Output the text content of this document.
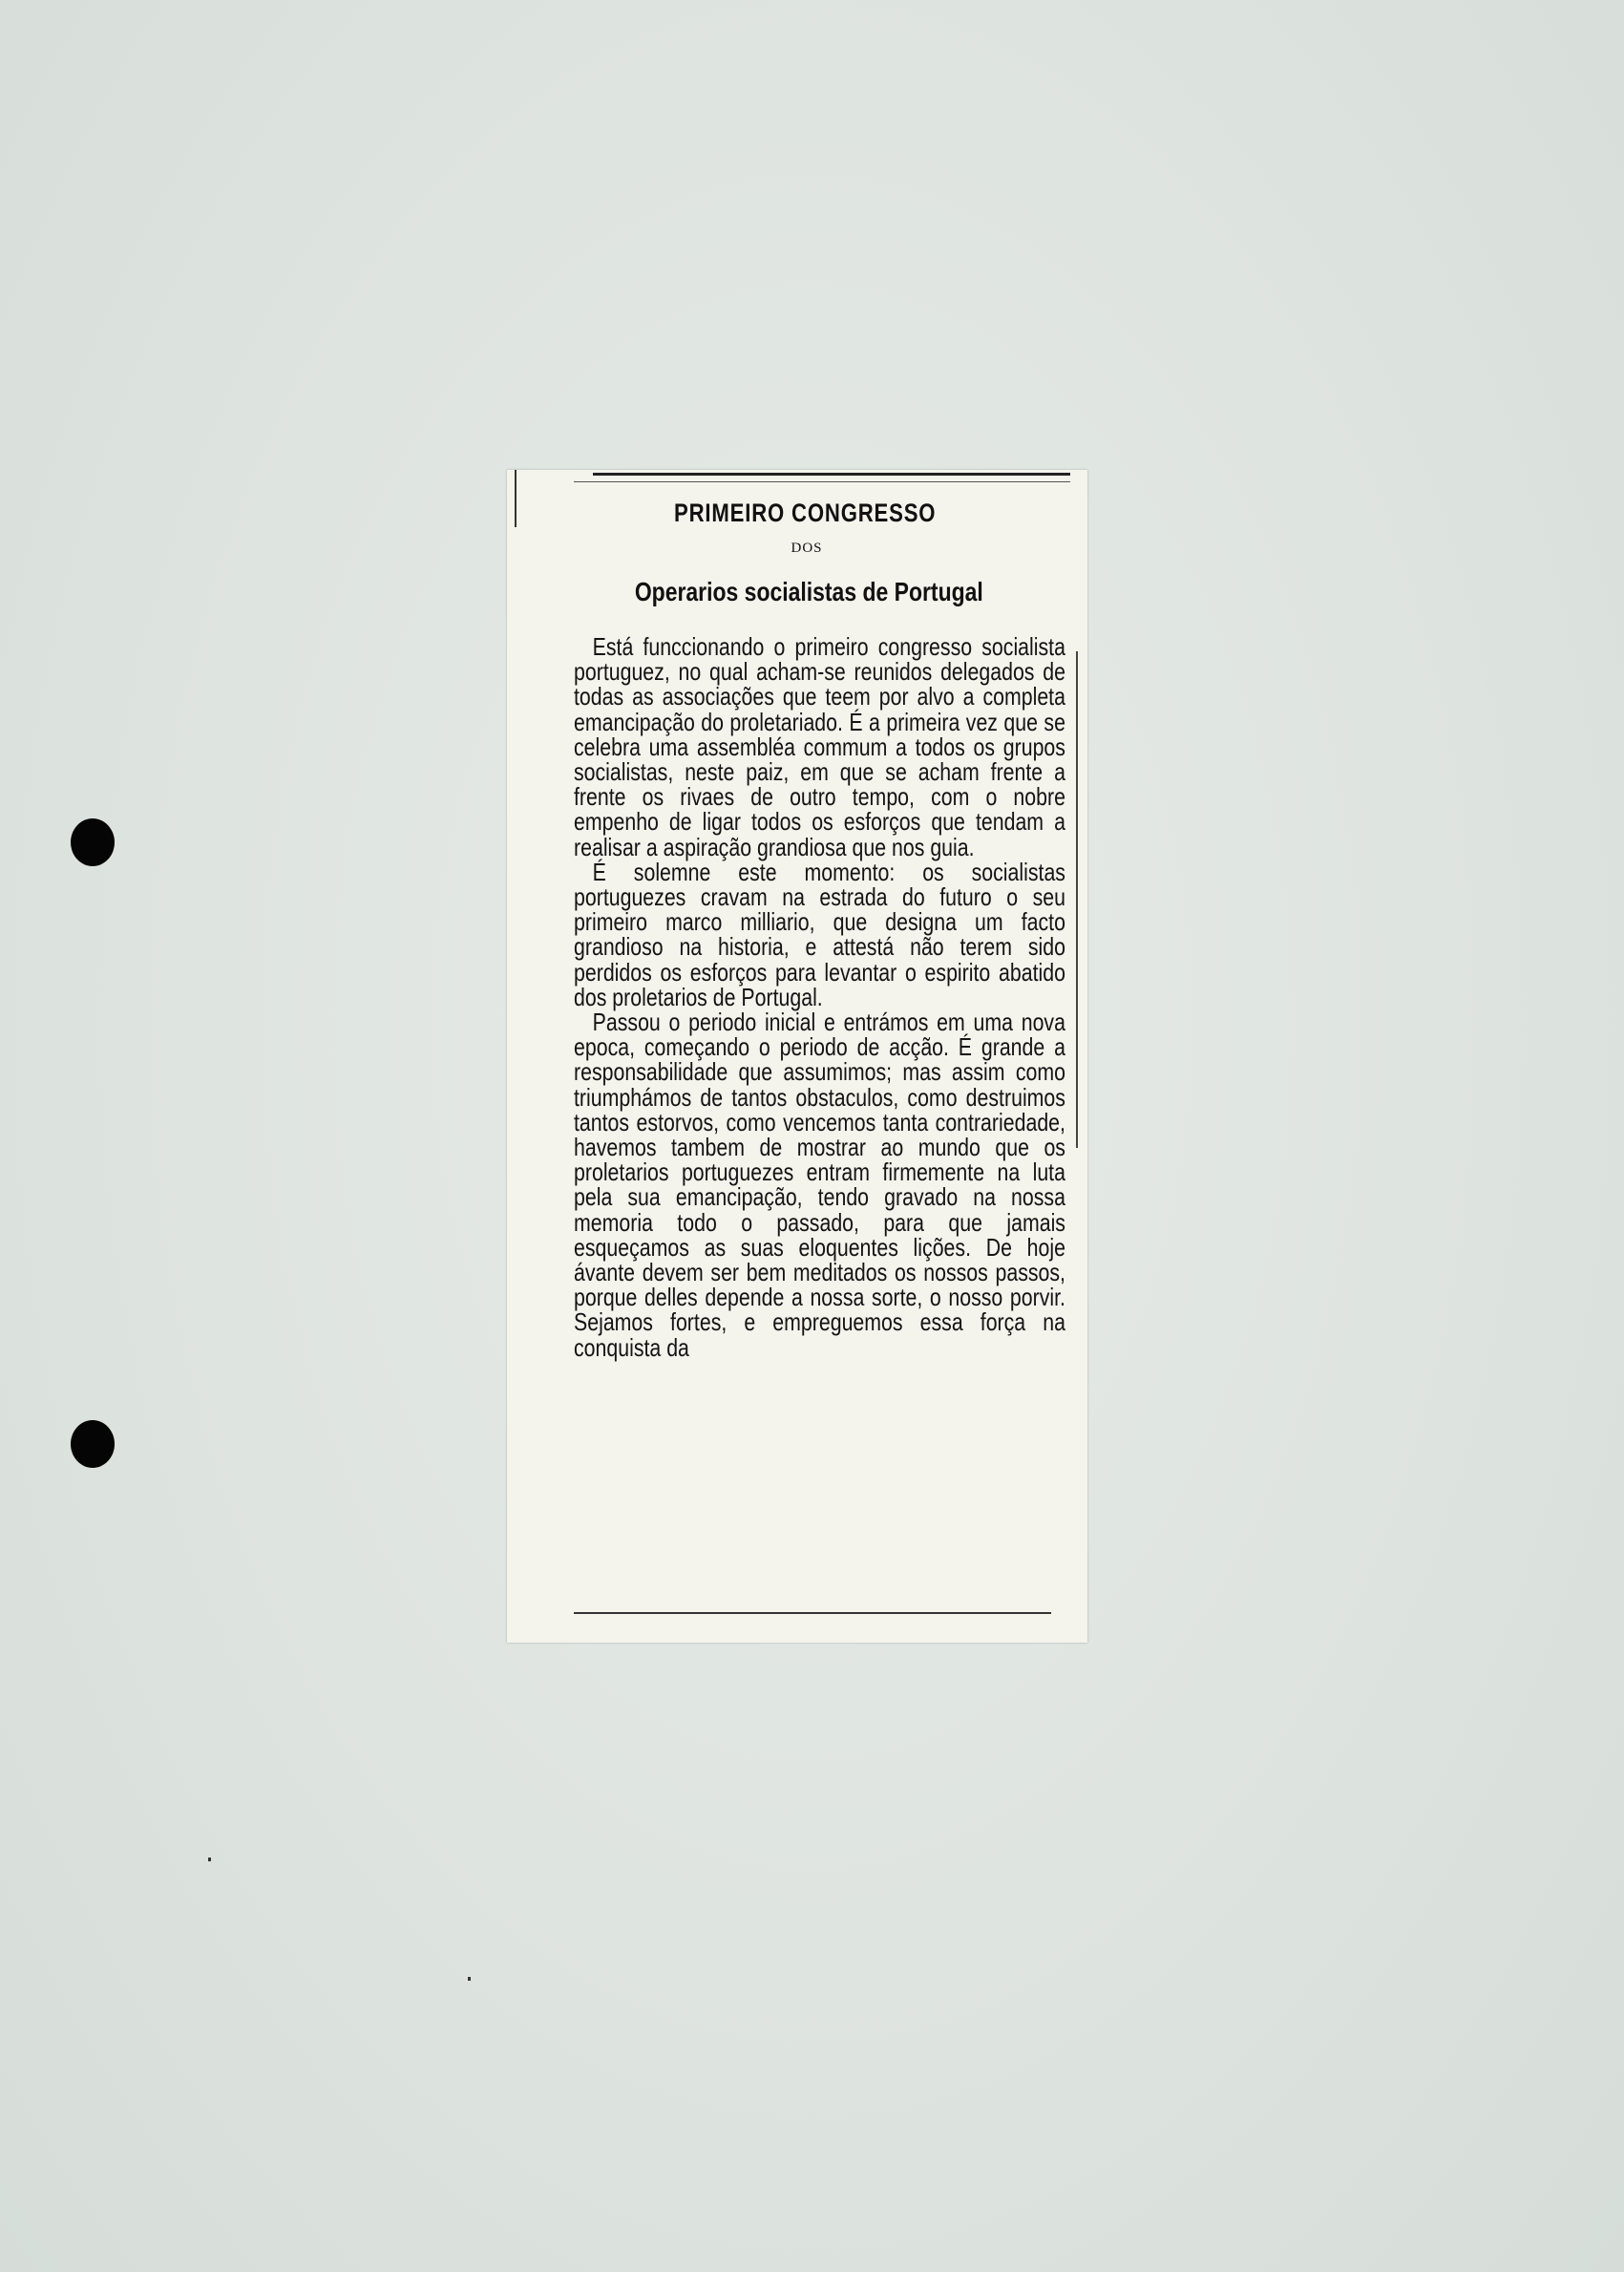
PRIMEIRO CONGRESSO
DOS
Operarios socialistas de Portugal

Está funccionando o primeiro congresso socialista portuguez, no qual acham-se reunidos delegados de todas as associações que teem por alvo a completa emancipação do proletariado. É a primeira vez que se celebra uma assembléa commum a todos os grupos socialistas, neste paiz, em que se acham frente a frente os rivaes de outro tempo, com o nobre empenho de ligar todos os esforços que tendam a realisar a aspiração grandiosa que nos guia.

É solemne este momento: os socialistas portuguezes cravam na estrada do futuro o seu primeiro marco milliario, que designa um facto grandioso na historia, e attestá não terem sido perdidos os esforços para levantar o espirito abatido dos proletarios de Portugal.

Passou o periodo inicial e entrámos em uma nova epoca, começando o periodo de acção. É grande a responsabilidade que assumimos; mas assim como triumphámos de tantos obstaculos, como destruimos tantos estorvos, como vencemos tanta contrariedade, havemos tambem de mostrar ao mundo que os proletarios portuguezes entram firmemente na luta pela sua emancipação, tendo gravado na nossa memoria todo o passado, para que jamais esqueçamos as suas eloquentes lições. De hoje ávante devem ser bem meditados os nossos passos, porque delles depende a nossa sorte, o nosso porvir. Sejamos fortes, e empreguemos essa força na conquista da
